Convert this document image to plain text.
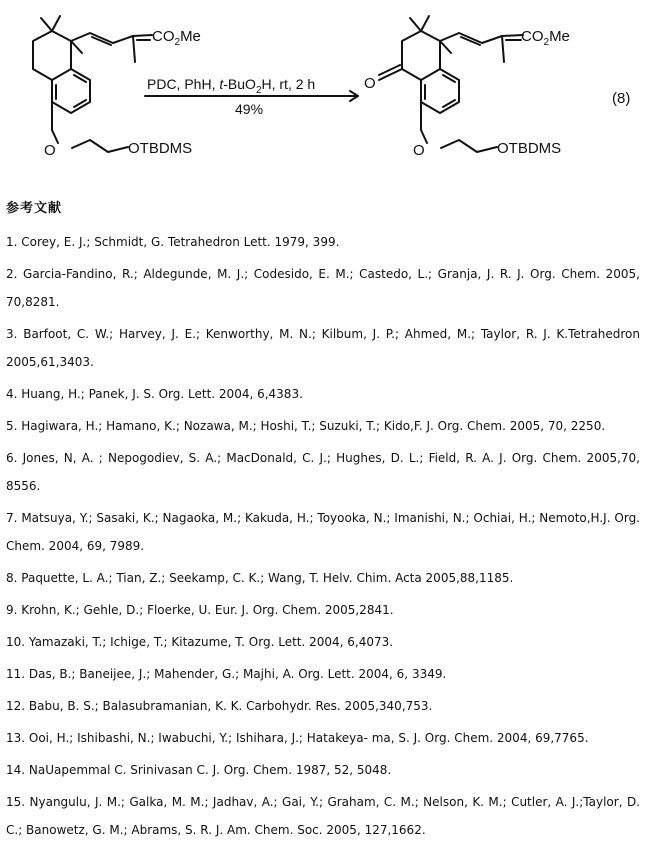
$CO_2Me$
O	OTBDMS
PDC, PhH, t-BuO$_2$H, rt, 2 h
49%
O
$CO_2Me$
O	OTBDMS
(8)
参考文献
1. Corey, E. J.; Schmidt, G. Tetrahedron Lett. 1979, 399.
2. Garcia-Fandino, R.; Aldegunde, M. J.; Codesido, E. M.; Castedo, L.; Granja, J. R. J. Org. Chem. 2005, 70,8281.
3. Barfoot, C. W.; Harvey, J. E.; Kenworthy, M. N.; Kilbum, J. P.; Ahmed, M.; Taylor, R. J. K.Tetrahedron 2005,61,3403.
4. Huang, H.; Panek, J. S. Org. Lett. 2004, 6,4383.
5. Hagiwara, H.; Hamano, K.; Nozawa, M.; Hoshi, T.; Suzuki, T.; Kido,F. J. Org. Chem. 2005, 70, 2250.
6. Jones, N, A. ; Nepogodiev, S. A.; MacDonald, C. J.; Hughes, D. L.; Field, R. A. J. Org. Chem. 2005,70, 8556.
7. Matsuya, Y.; Sasaki, K.; Nagaoka, M.; Kakuda, H.; Toyooka, N.; Imanishi, N.; Ochiai, H.; Nemoto,H.J. Org. Chem. 2004, 69, 7989.
8. Paquette, L. A.; Tian, Z.; Seekamp, C. K.; Wang, T. Helv. Chim. Acta 2005,88,1185.
9. Krohn, K.; Gehle, D.; Floerke, U. Eur. J. Org. Chem. 2005,2841.
10. Yamazaki, T.; Ichige, T.; Kitazume, T. Org. Lett. 2004, 6,4073.
11. Das, B.; Baneijee, J.; Mahender, G.; Majhi, A. Org. Lett. 2004, 6, 3349.
12. Babu, B. S.; Balasubramanian, K. K. Carbohydr. Res. 2005,340,753.
13. Ooi, H.; Ishibashi, N.; Iwabuchi, Y.; Ishihara, J.; Hatakeya- ma, S. J. Org. Chem. 2004, 69,7765.
14. NaUapemmal C. Srinivasan C. J. Org. Chem. 1987, 52, 5048.
15. Nyangulu, J. M.; Galka, M. M.; Jadhav, A.; Gai, Y.; Graham, C. M.; Nelson, K. M.; Cutler, A. J.;Taylor, D. C.; Banowetz, G. M.; Abrams, S. R. J. Am. Chem. Soc. 2005, 127,1662.
